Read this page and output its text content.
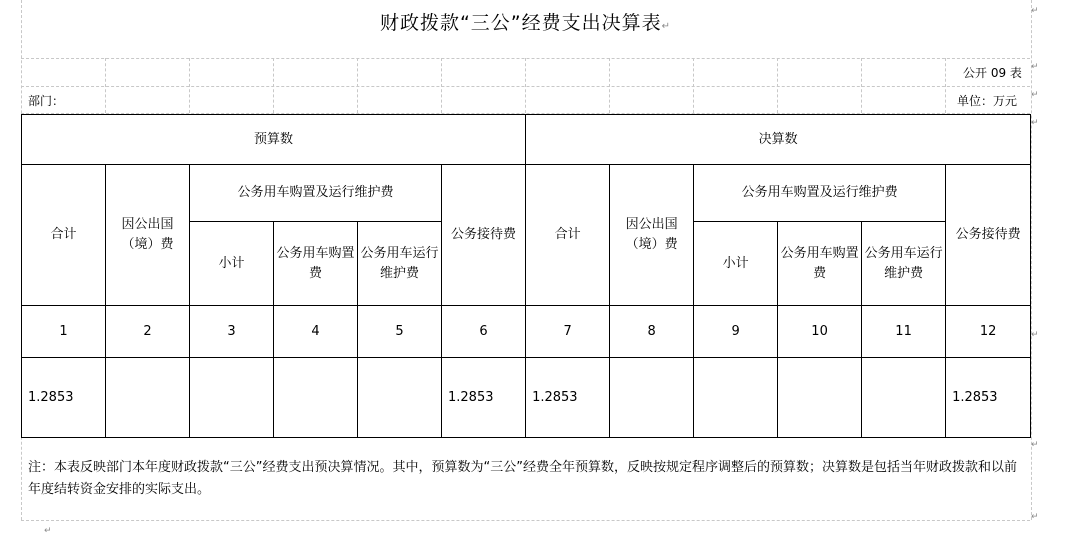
财政拨款“三公”经费支出决算表↵
公开 09 表
部门：	单位：万元
预算数						决算数					
合计	因公出国（境）费	公务用车购置及运行维护费			公务接待费	合计	因公出国（境）费	公务用车购置及运行维护费			公务接待费
		小计	公务用车购置费	公务用车运行维护费				小计	公务用车购置费	公务用车运行维护费	
1	2	3	4	5	6	7	8	9	10	11	12
1.2853					1.2853	1.2853					1.2853
注：本表反映部门本年度财政拨款“三公”经费支出预决算情况。其中，预算数为“三公”经费全年预算数，反映按规定程序调整后的预算数；决算数是包括当年财政拨款和以前年度结转资金安排的实际支出。
↵
↵
↵
↵
↵
↵
↵
↵
